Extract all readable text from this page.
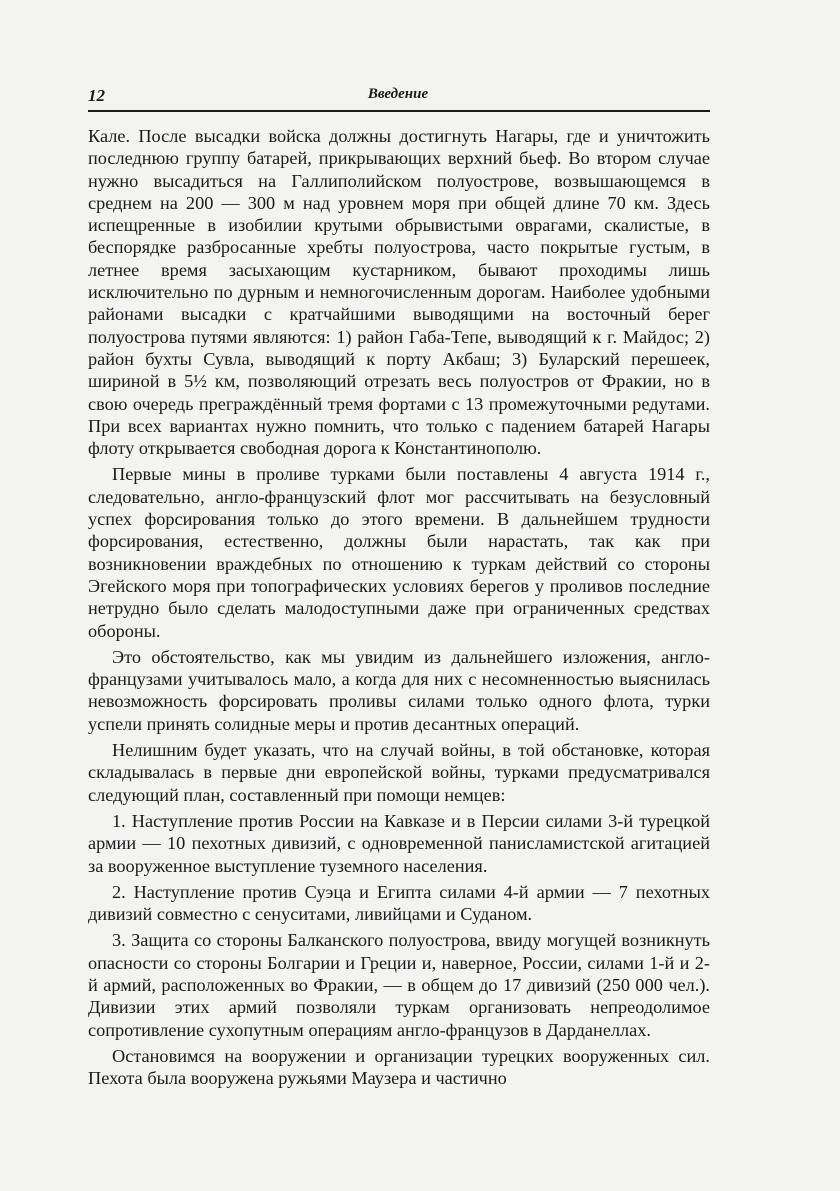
12	Введение

Кале. После высадки войска должны достигнуть Нагары, где и уничтожить последнюю группу батарей, прикрывающих верхний бьеф. Во втором случае нужно высадиться на Галлиполийском полуострове, возвышающемся в среднем на 200 — 300 м над уровнем моря при общей длине 70 км. Здесь испещренные в изобилии крутыми обрывистыми оврагами, скалистые, в беспорядке разбросанные хребты полуострова, часто покрытые густым, в летнее время засыхающим кустарником, бывают проходимы лишь исключительно по дурным и немногочисленным дорогам. Наиболее удобными районами высадки с кратчайшими выводящими на восточный берег полуострова путями являются: 1) район Габа-Тепе, выводящий к г. Майдос; 2) район бухты Сувла, выводящий к порту Акбаш; 3) Буларский перешеек, шириной в 5½ км, позволяющий отрезать весь полуостров от Фракии, но в свою очередь преграждённый тремя фортами с 13 промежуточными редутами. При всех вариантах нужно помнить, что только с падением батарей Нагары флоту открывается свободная дорога к Константинополю.

Первые мины в проливе турками были поставлены 4 августа 1914 г., следовательно, англо-французский флот мог рассчитывать на безусловный успех форсирования только до этого времени. В дальнейшем трудности форсирования, естественно, должны были нарастать, так как при возникновении враждебных по отношению к туркам действий со стороны Эгейского моря при топографических условиях берегов у проливов последние нетрудно было сделать малодоступными даже при ограниченных средствах обороны.

Это обстоятельство, как мы увидим из дальнейшего изложения, англо-французами учитывалось мало, а когда для них с несомненностью выяснилась невозможность форсировать проливы силами только одного флота, турки успели принять солидные меры и против десантных операций.

Нелишним будет указать, что на случай войны, в той обстановке, которая складывалась в первые дни европейской войны, турками предусматривался следующий план, составленный при помощи немцев:

1. Наступление против России на Кавказе и в Персии силами 3-й турецкой армии — 10 пехотных дивизий, с одновременной панисламистской агитацией за вооруженное выступление туземного населения.

2. Наступление против Суэца и Египта силами 4-й армии — 7 пехотных дивизий совместно с сенуситами, ливийцами и Суданом.

3. Защита со стороны Балканского полуострова, ввиду могущей возникнуть опасности со стороны Болгарии и Греции и, наверное, России, силами 1-й и 2-й армий, расположенных во Фракии, — в общем до 17 дивизий (250 000 чел.). Дивизии этих армий позволяли туркам организовать непреодолимое сопротивление сухопутным операциям англо-французов в Дарданеллах.

Остановимся на вооружении и организации турецких вооруженных сил. Пехота была вооружена ружьями Маузера и частично
